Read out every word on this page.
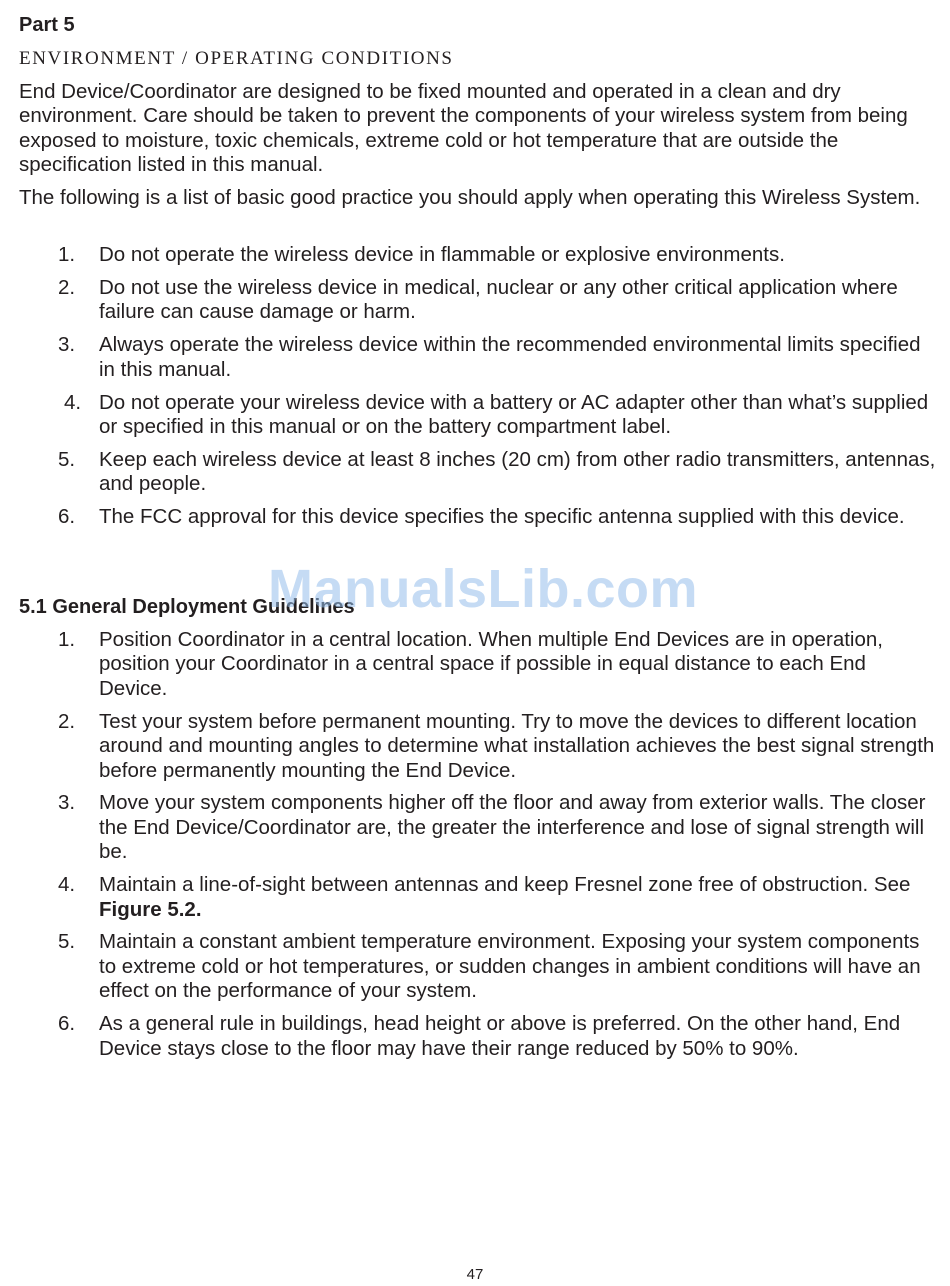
Part 5
ENVIRONMENT / OPERATING CONDITIONS

End Device/Coordinator are designed to be fixed mounted and operated in a clean and dry environment. Care should be taken to prevent the components of your wireless system from being exposed to moisture, toxic chemicals, extreme cold or hot temperature that are outside the specification listed in this manual.

The following is a list of basic good practice you should apply when operating this Wireless System.

1. Do not operate the wireless device in flammable or explosive environments.
2. Do not use the wireless device in medical, nuclear or any other critical application where failure can cause damage or harm.
3. Always operate the wireless device within the recommended environmental limits specified in this manual.
4. Do not operate your wireless device with a battery or AC adapter other than what’s supplied or specified in this manual or on the battery compartment label.
5. Keep each wireless device at least 8 inches (20 cm) from other radio transmitters, antennas, and people.
6. The FCC approval for this device specifies the specific antenna supplied with this device.
5.1 General Deployment Guidelines
1. Position Coordinator in a central location. When multiple End Devices are in operation, position your Coordinator in a central space if possible in equal distance to each End Device.
2. Test your system before permanent mounting. Try to move the devices to different location around and mounting angles to determine what installation achieves the best signal strength before permanently mounting the End Device.
3. Move your system components higher off the floor and away from exterior walls. The closer the End Device/Coordinator are, the greater the interference and lose of signal strength will be.
4. Maintain a line-of-sight between antennas and keep Fresnel zone free of obstruction. See Figure 5.2.
5. Maintain a constant ambient temperature environment. Exposing your system components to extreme cold or hot temperatures, or sudden changes in ambient conditions will have an effect on the performance of your system.
6. As a general rule in buildings, head height or above is preferred. On the other hand, End Device stays close to the floor may have their range reduced by 50% to 90%.
ManualsLib.com
47
